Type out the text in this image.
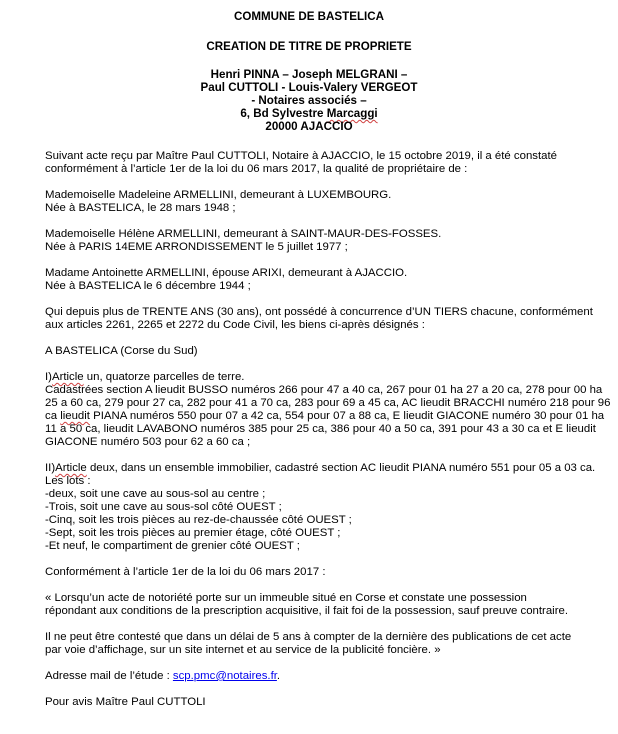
COMMUNE DE BASTELICA
CREATION DE TITRE DE PROPRIETE
Henri PINNA – Joseph MELGRANI –
Paul CUTTOLI - Louis-Valery VERGEOT
- Notaires associés –
6, Bd Sylvestre Marcaggi
20000 AJACCIO
Suivant acte reçu par Maître Paul CUTTOLI, Notaire à AJACCIO, le 15 octobre 2019, il a été constaté
conformément à l’article 1er de la loi du 06 mars 2017, la qualité de propriétaire de :
Mademoiselle Madeleine ARMELLINI, demeurant à LUXEMBOURG.
Née à BASTELICA, le 28 mars 1948 ;
Mademoiselle Hélène ARMELLINI, demeurant à SAINT-MAUR-DES-FOSSES.
Née à PARIS 14EME ARRONDISSEMENT le 5 juillet 1977 ;
Madame Antoinette ARMELLINI, épouse ARIXI, demeurant à AJACCIO.
Née à BASTELICA le 6 décembre 1944 ;
Qui depuis plus de TRENTE ANS (30 ans), ont possédé à concurrence d’UN TIERS chacune, conformément
aux articles 2261, 2265 et 2272 du Code Civil, les biens ci-après désignés :
A BASTELICA (Corse du Sud)
I)Article un, quatorze parcelles de terre.
Cadastrées section A lieudit BUSSO numéros 266 pour 47 a 40 ca, 267 pour 01 ha 27 a 20 ca, 278 pour 00 ha
25 a 60 ca, 279 pour 27 ca, 282 pour 41 a 70 ca, 283 pour 69 a 45 ca, AC lieudit BRACCHI numéro 218 pour 96
ca lieudit PIANA numéros 550 pour 07 a 42 ca, 554 pour 07 a 88 ca, E lieudit GIACONE numéro 30 pour 01 ha
11 a 50 ca, lieudit LAVABONO numéros 385 pour 25 ca, 386 pour 40 a 50 ca, 391 pour 43 a 30 ca et E lieudit
GIACONE numéro 503 pour 62 a 60 ca ;
II)Article deux, dans un ensemble immobilier, cadastré section AC lieudit PIANA numéro 551 pour 05 a 03 ca.
Les lots :
-deux, soit une cave au sous-sol au centre ;
-Trois, soit une cave au sous-sol côté OUEST ;
-Cinq, soit les trois pièces au rez-de-chaussée côté OUEST ;
-Sept, soit les trois pièces au premier étage, côté OUEST ;
-Et neuf, le compartiment de grenier côté OUEST ;
Conformément à l’article 1er de la loi du 06 mars 2017 :
« Lorsqu’un acte de notoriété porte sur un immeuble situé en Corse et constate une possession
répondant aux conditions de la prescription acquisitive, il fait foi de la possession, sauf preuve contraire.
Il ne peut être contesté que dans un délai de 5 ans à compter de la dernière des publications de cet acte
par voie d’affichage, sur un site internet et au service de la publicité foncière. »
Adresse mail de l’étude : scp.pmc@notaires.fr.
Pour avis Maître Paul CUTTOLI
